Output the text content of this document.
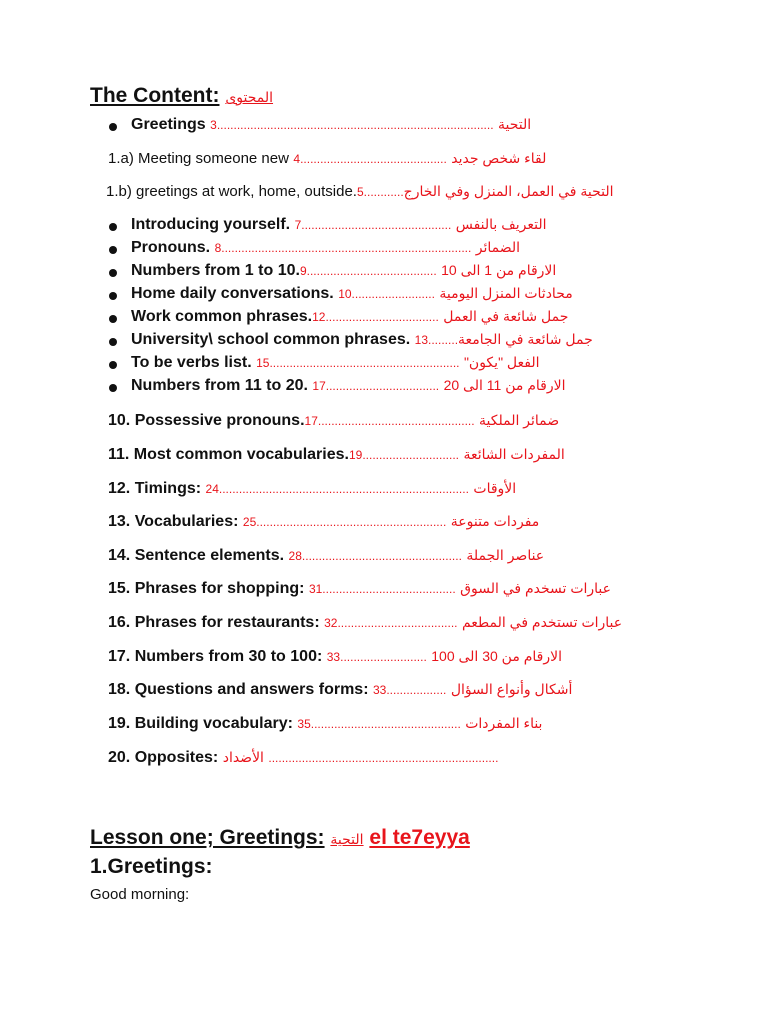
The Content: المحتوى
Greetings 3................................................................................... التحية
1.a) Meeting someone new 4............................................ لقاء شخص جديد
1.b) greetings at work, home, outside.5............التحية في العمل، المنزل وفي الخارج
Introducing yourself. 7............................................. التعريف بالنفس
Pronouns. 8........................................................................... الضمائر
Numbers from 1 to 10.9....................................... الارقام من 1 الى 10
Home daily conversations. 10......................... محادثات المنزل اليومية
Work common phrases.12.................................. جمل شائعة في العمل
University\ school common phrases. 13.........جمل شائعة في الجامعة
To be verbs list. 15......................................................... الفعل "يكون"
Numbers from 11 to 20. 17.................................. الارقام من 11 الى 20
10. Possessive pronouns.17............................................... ضمائر الملكية
11. Most common vocabularies.19............................. المفردات الشائعة
12. Timings: 24........................................................................... الأوقات
13. Vocabularies: 25......................................................... مفردات متنوعة
14. Sentence elements. 28................................................ عناصر الجملة
15. Phrases for shopping: 31........................................ عبارات تسخدم في السوق
16. Phrases for restaurants: 32.................................... عبارات تستخدم في المطعم
17. Numbers from 30 to 100: 33.......................... الارقام من 30 الى 100
18. Questions and answers forms: 33.................. أشكال وأنواع السؤال
19. Building vocabulary: 35............................................. بناء المفردات
20. Opposites: الأضداد .....................................................................
Lesson one; Greetings: التحية el te7eyya
1.Greetings:
Good morning:
